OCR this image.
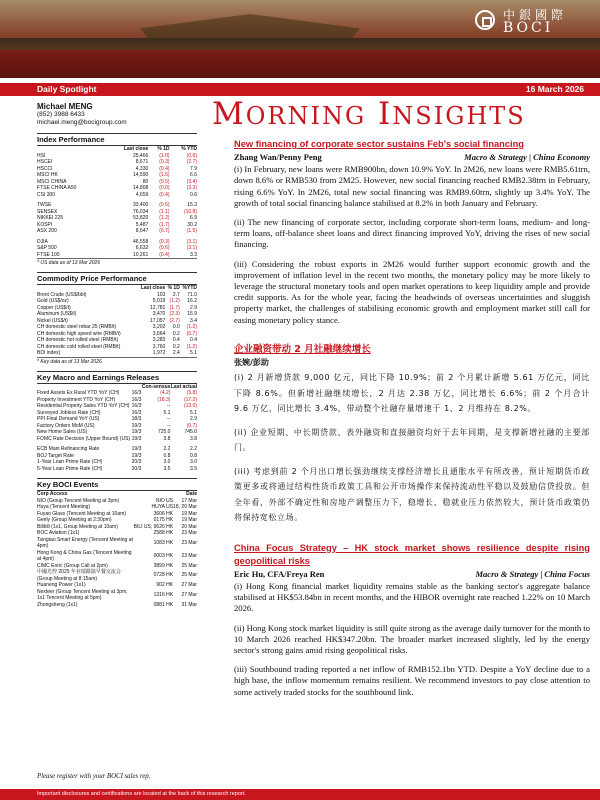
中銀國際
BOCI
Daily Spotlight	16 March 2026
Michael MENG
(852) 3988 6433
michael.meng@bocigroup.com
Index Performance
	Last close	% 1D	% YTD
HSI	25,466	(1.0)	(0.6)
HSCEI	8,671	(0.3)	(2.7)
HSCCI	4,330	(0.4)	7.9
MSCI HK	14,590	(1.5)	6.6
MSCI CHINA	80	(0.5)	(3.4)
FTSE CHINA A50	14,808	(0.0)	(3.3)
CSI 300	4,659	(0.4)	0.6

TWSE	33,400	(0.5)	15.3
SENSEX	76,034	(1.1)	(10.8)
NIKKEI 225	53,820	(1.2)	6.9
KOSPI	5,487	(1.7)	30.2
ASX 200	8,547	(0.7)	(1.5)

DJIA	46,558	(0.3)	(3.1)
S&P 500	6,632	(0.6)	(3.1)
FTSE 100	10,261	(0.4)	3.3
* US data as of 13 Mar 2026
Commodity Price Performance
	Last close	% 1D	%YTD
Brent Crude (US$/bbl)	103	2.7	71.0
Gold (US$/oz)	5,019	(1.2)	16.2
Copper (US$/t)	12,781	(1.7)	2.9
Aluminum (US$/t)	3,470	(2.3)	16.9
Nickel (US$/t)	17,057	(2.7)	3.4
CH domestic steel rebar 25 (RMB/t)	3,202	0.0	(1.2)
CH domestic high speed wire (RMB/t)	3,664	0.2	(0.7)
CH domestic hot rolled steel (RMB/t)	3,283	0.4	0.4
CH domestic cold rolled steel (RMB/t)	3,760	0.2	(1.2)
BDI index)	1,972	2.4	5.1
* Key data as of 13 Mar 2026
Key Macro and Earnings Releases
		Con-sensus	Last actual
Fixed Assets Ex Rural YTD YoY (CH)	16/3	(4.2)	(3.8)
Property Investment YTD YoY (CH)	16/3	(18.3)	(17.2)
Residential Property Sales YTD YoY (CH)	16/3	--	(13.0)
Surveyed Jobless Rate (CH)	16/3	5.1	5.1
PPI Final Demand YoY (US)	18/3	--	2.9
Factory Orders MoM (US)	19/3	--	(0.7)
New Home Sales (US)	19/3	725.0	745.0
FOMC Rate Decision (Upper Bound) (US)	19/3	3.8	3.8

ECB Main Refinancing Rate	19/3	2.2	2.2
BOJ Target Rate	19/3	0.8	0.8
1-Year Loan Prime Rate (CH)	20/3	3.0	3.0
5-Year Loan Prime Rate (CH)	20/3	3.5	3.5
Key BOCI Events
Corp Access		Date
NIO (Group Tencent Meeting at 3pm)	NIO US	17 Mar
Huya (Tencent Meeting)	HUYA US	18, 20 Mar
Fuyao Glass (Tencent Meeting at 10am)	3606 HK	19 Mar
Geely (Group Meeting at 2:30pm)	0175 HK	19 Mar
Bilibili (1x1, Group Meeting at 10am)	BILI US; 9626 HK	20 Mar
BOC Aviation (1x1)	2588 HK	23 Mar
Tsingtao Smart Energy (Tencent Meeting at 4pm)	1083 HK	23 Mar
Hong Kong & China Gas (Tencent Meeting at 4pm)	0003 HK	23 Mar
CIMC Enric (Group Call at 2pm)	3899 HK	25 Mar
中國光控 2025 年业绩路演早餐交流会 (Group Meeting at 8:15am)	0728 HK	25 Mar
Huaneng Power (1x1)	902 HK	27 Mar
Nexteer (Group Tencent Meeting at 3pm, 1x1 Tencent Meeting at 5pm)	1316 HK	27 Mar
Zhongsheng (1x1)	0881 HK	31 Mar
Please register with your BOCI sales rep.
MORNING INSIGHTS
New financing of corporate sector sustains Feb's social financing
Zhang Wan/Penny Peng	Macro & Strategy | China Economy

(i) In February, new loans were RMB900bn, down 10.9% YoY. In 2M26, new loans were RMB5.61trn, down 8.6% or RMB530 from 2M25. However, new social financing reached RMB2.38trn in February, rising 6.6% YoY. In 2M26, total new social financing was RMB9.60trn, slightly up 3.4% YoY. The growth of total social financing balance stabilised at 8.2% in both January and February.

(ii) The new financing of corporate sector, including corporate short-term loans, medium- and long-term loans, off-balance sheet loans and direct financing improved YoY, driving the rises of new social financing.

(iii) Considering the robust exports in 2M26 would further support economic growth and the improvement of inflation level in the recent two months, the monetary policy may be more likely to leverage the structural monetary tools and open market operations to keep liquidity ample and provide credit supports. As for the whole year, facing the headwinds of overseas uncertainties and sluggish property market, the challenges of stabilising economic growth and employment market still call for easing monetary policy stance.

企业融资带动 2 月社融继续增长
张婉/彭助

(i) 2 月新增贷款 9,000 亿元，同比下降 10.9%；前 2 个月累计新增 5.61 万亿元，同比下降 8.6%。但新增社融继续增长，2 月达 2.38 万亿，同比增长 6.6%；前 2 个月合计 9.6 万亿，同比增长 3.4%，带动整个社融存量增速于 1、2 月维持在 8.2%。

(ii) 企业短期、中长期贷款、表外融资和直接融资均好于去年同期，是支撑新增社融的主要部门。

(iii) 考虑到前 2 个月出口增长强劲继续支撑经济增长且通胀水平有所改善，预计短期货币政策更多或将通过结构性货币政策工具和公开市场操作来保持流动性平稳以及鼓励信贷投放。但全年看，外部不确定性和房地产调整压力下，稳增长、稳就业压力依然较大，预计货币政策仍将保持宽松立场。

China Focus Strategy – HK stock market shows resilience despite rising geopolitical risks
Eric Hu, CFA/Freya Ren	Macro & Strategy | China Focus

(i) Hong Kong financial market liquidity remains stable as the banking sector's aggregate balance stabilised at HK$53.84bn in recent months, and the HIBOR overnight rate reached 1.22% on 10 March 2026.

(ii) Hong Kong stock market liquidity is still quite strong as the average daily turnover for the month to 10 March 2026 reached HK$347.20bn. The broader market increased slightly, led by the energy sector's strong gains amid rising geopolitical risks.

(iii) Southbound trading reported a net inflow of RMB152.1bn YTD. Despite a YoY decline due to a high base, the inflow momentum remains resilient. We recommend investors to pay close attention to some actively traded stocks for the southbound link.

Important disclosures and certifications are located at the back of this research report.
